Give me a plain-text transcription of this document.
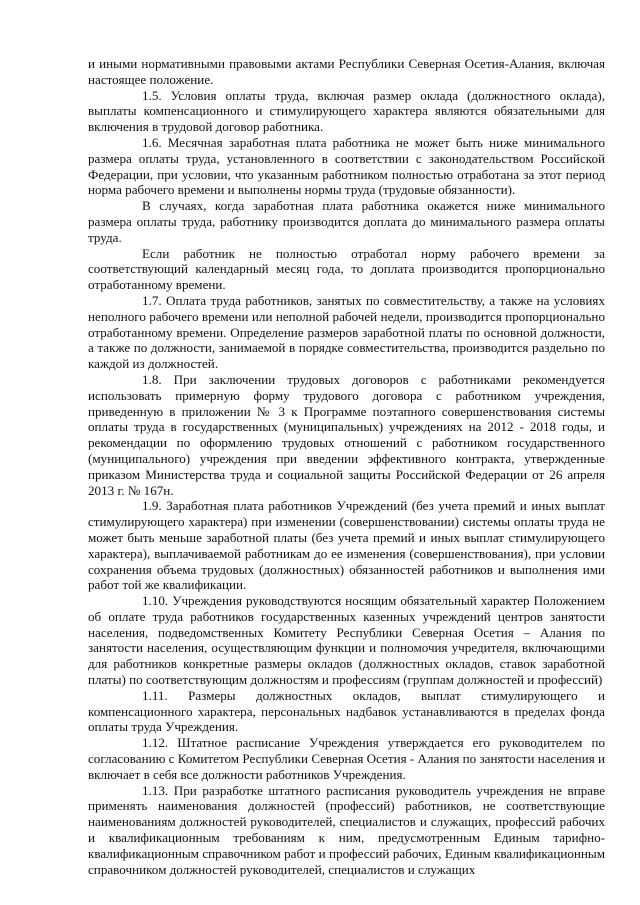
и иными нормативными правовыми актами Республики Северная Осетия-Алания, включая настоящее положение.

1.5. Условия оплаты труда, включая размер оклада (должностного оклада), выплаты компенсационного и стимулирующего характера являются обязательными для включения в трудовой договор работника.

1.6. Месячная заработная плата работника не может быть ниже минимального размера оплаты труда, установленного в соответствии с законодательством Российской Федерации, при условии, что указанным работником полностью отработана за этот период норма рабочего времени и выполнены нормы труда (трудовые обязанности).

В случаях, когда заработная плата работника окажется ниже минимального размера оплаты труда, работнику производится доплата до минимального размера оплаты труда.

Если работник не полностью отработал норму рабочего времени за соответствующий календарный месяц года, то доплата производится пропорционально отработанному времени.

1.7. Оплата труда работников, занятых по совместительству, а также на условиях неполного рабочего времени или неполной рабочей недели, производится пропорционально отработанному времени. Определение размеров заработной платы по основной должности, а также по должности, занимаемой в порядке совместительства, производится раздельно по каждой из должностей.

1.8. При заключении трудовых договоров с работниками рекомендуется использовать примерную форму трудового договора с работником учреждения, приведенную в приложении № 3 к Программе поэтапного совершенствования системы оплаты труда в государственных (муниципальных) учреждениях на 2012 - 2018 годы, и рекомендации по оформлению трудовых отношений с работником государственного (муниципального) учреждения при введении эффективного контракта, утвержденные приказом Министерства труда и социальной защиты Российской Федерации от 26 апреля 2013 г. № 167н.

1.9. Заработная плата работников Учреждений (без учета премий и иных выплат стимулирующего характера) при изменении (совершенствовании) системы оплаты труда не может быть меньше заработной платы (без учета премий и иных выплат стимулирующего характера), выплачиваемой работникам до ее изменения (совершенствования), при условии сохранения объема трудовых (должностных) обязанностей работников и выполнения ими работ той же квалификации.

1.10. Учреждения руководствуются носящим обязательный характер Положением об оплате труда работников государственных казенных учреждений центров занятости населения, подведомственных Комитету Республики Северная Осетия – Алания по занятости населения, осуществляющим функции и полномочия учредителя, включающими для работников конкретные размеры окладов (должностных окладов, ставок заработной платы) по соответствующим должностям и профессиям (группам должностей и профессий)

1.11. Размеры должностных окладов, выплат стимулирующего и компенсационного характера, персональных надбавок устанавливаются в пределах фонда оплаты труда Учреждения.

1.12. Штатное расписание Учреждения утверждается его руководителем по согласованию с Комитетом Республики Северная Осетия - Алания по занятости населения и включает в себя все должности работников Учреждения.

1.13. При разработке штатного расписания руководитель учреждения не вправе применять наименования должностей (профессий) работников, не соответствующие наименованиям должностей руководителей, специалистов и служащих, профессий рабочих и квалификационным требованиям к ним, предусмотренным Единым тарифно-квалификационным справочником работ и профессий рабочих, Единым квалификационным справочником должностей руководителей, специалистов и служащих
